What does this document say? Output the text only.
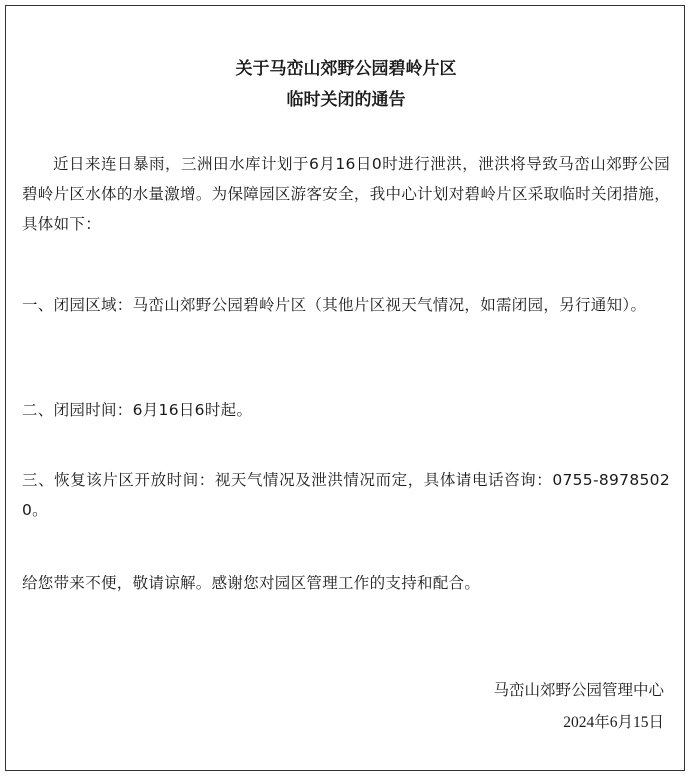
关于马峦山郊野公园碧岭片区
临时关闭的通告
近日来连日暴雨，三洲田水库计划于6月16日0时进行泄洪，泄洪将导致马峦山郊野公园碧岭片区水体的水量激增。为保障园区游客安全，我中心计划对碧岭片区采取临时关闭措施，具体如下：
一、闭园区域：马峦山郊野公园碧岭片区（其他片区视天气情况，如需闭园，另行通知）。
二、闭园时间：6月16日6时起。
三、恢复该片区开放时间：视天气情况及泄洪情况而定，具体请电话咨询：0755-89785020。
给您带来不便，敬请谅解。感谢您对园区管理工作的支持和配合。
马峦山郊野公园管理中心
2024年6月15日
